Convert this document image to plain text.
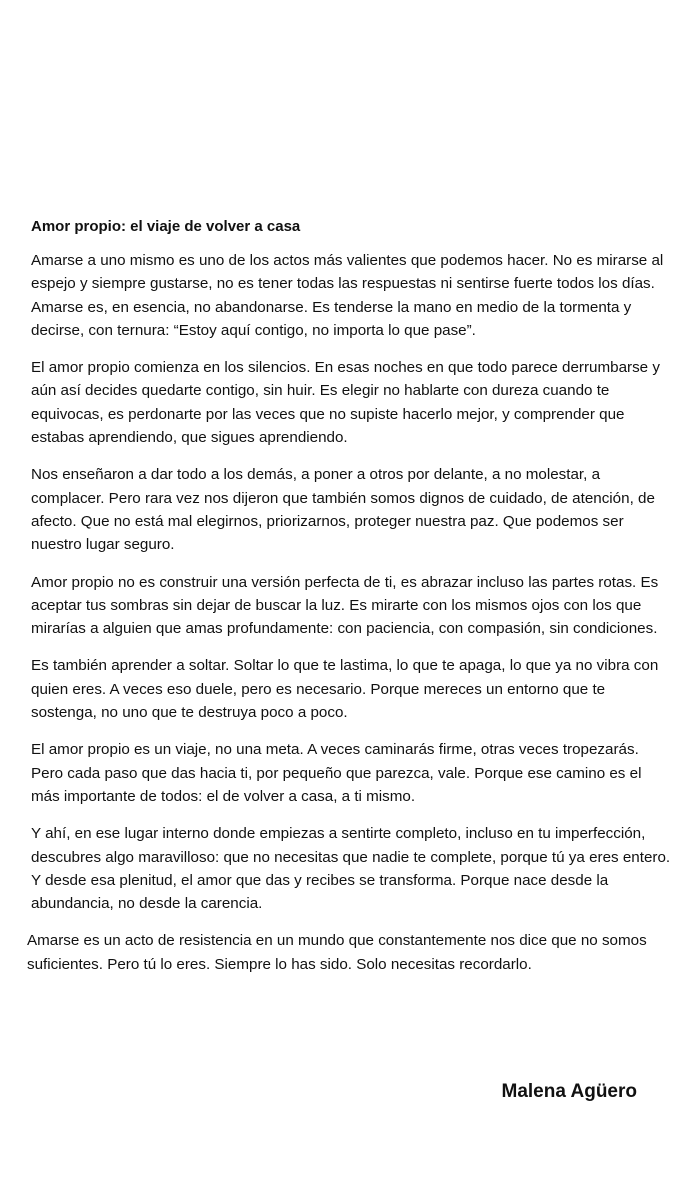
Amor propio: el viaje de volver a casa

Amarse a uno mismo es uno de los actos más valientes que podemos hacer. No es mirarse al espejo y siempre gustarse, no es tener todas las respuestas ni sentirse fuerte todos los días. Amarse es, en esencia, no abandonarse. Es tenderse la mano en medio de la tormenta y decirse, con ternura: “Estoy aquí contigo, no importa lo que pase”.

El amor propio comienza en los silencios. En esas noches en que todo parece derrumbarse y aún así decides quedarte contigo, sin huir. Es elegir no hablarte con dureza cuando te equivocas, es perdonarte por las veces que no supiste hacerlo mejor, y comprender que estabas aprendiendo, que sigues aprendiendo.

Nos enseñaron a dar todo a los demás, a poner a otros por delante, a no molestar, a complacer. Pero rara vez nos dijeron que también somos dignos de cuidado, de atención, de afecto. Que no está mal elegirnos, priorizarnos, proteger nuestra paz. Que podemos ser nuestro lugar seguro.

Amor propio no es construir una versión perfecta de ti, es abrazar incluso las partes rotas. Es aceptar tus sombras sin dejar de buscar la luz. Es mirarte con los mismos ojos con los que mirarías a alguien que amas profundamente: con paciencia, con compasión, sin condiciones.

Es también aprender a soltar. Soltar lo que te lastima, lo que te apaga, lo que ya no vibra con quien eres. A veces eso duele, pero es necesario. Porque mereces un entorno que te sostenga, no uno que te destruya poco a poco.

El amor propio es un viaje, no una meta. A veces caminarás firme, otras veces tropezarás. Pero cada paso que das hacia ti, por pequeño que parezca, vale. Porque ese camino es el más importante de todos: el de volver a casa, a ti mismo.

Y ahí, en ese lugar interno donde empiezas a sentirte completo, incluso en tu imperfección, descubres algo maravilloso: que no necesitas que nadie te complete, porque tú ya eres entero. Y desde esa plenitud, el amor que das y recibes se transforma. Porque nace desde la abundancia, no desde la carencia.

Amarse es un acto de resistencia en un mundo que constantemente nos dice que no somos suficientes. Pero tú lo eres. Siempre lo has sido. Solo necesitas recordarlo.

Malena Agüero
